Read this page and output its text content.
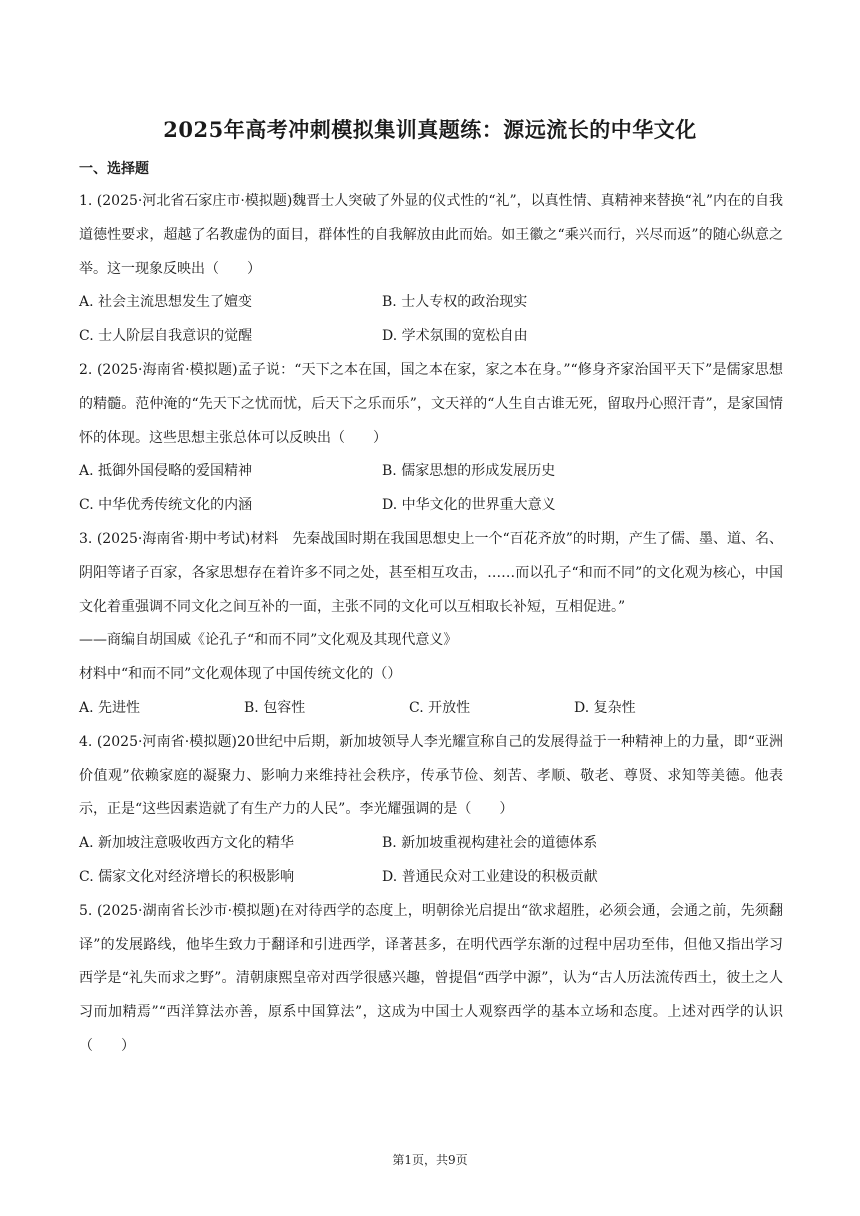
2025年高考冲刺模拟集训真题练：源远流长的中华文化
一、选择题

1. (2025·河北省石家庄市·模拟题)魏晋士人突破了外显的仪式性的“礼”，以真性情、真精神来替换“礼”内在的自我道德性要求，超越了名教虚伪的面目，群体性的自我解放由此而始。如王徽之“乘兴而行，兴尽而返”的随心纵意之举。这一现象反映出（　　）

A. 社会主流思想发生了嬗变	B. 士人专权的政治现实
C. 士人阶层自我意识的觉醒	D. 学术氛围的宽松自由

2. (2025·海南省·模拟题)孟子说：“天下之本在国，国之本在家，家之本在身。”“修身齐家治国平天下”是儒家思想的精髓。范仲淹的“先天下之忧而忧，后天下之乐而乐”，文天祥的“人生自古谁无死，留取丹心照汗青”，是家国情怀的体现。这些思想主张总体可以反映出（　　）

A. 抵御外国侵略的爱国精神	B. 儒家思想的形成发展历史
C. 中华优秀传统文化的内涵	D. 中华文化的世界重大意义

3. (2025·海南省·期中考试)材料　先秦战国时期在我国思想史上一个“百花齐放”的时期，产生了儒、墨、道、名、阴阳等诸子百家，各家思想存在着许多不同之处，甚至相互攻击，……而以孔子“和而不同”的文化观为核心，中国文化着重强调不同文化之间互补的一面，主张不同的文化可以互相取长补短，互相促进。”

——商编自胡国威《论孔子“和而不同”文化观及其现代意义》

材料中“和而不同”文化观体现了中国传统文化的（）

A. 先进性	B. 包容性	C. 开放性	D. 复杂性

4. (2025·河南省·模拟题)20世纪中后期，新加坡领导人李光耀宣称自己的发展得益于一种精神上的力量，即“亚洲价值观”依赖家庭的凝聚力、影响力来维持社会秩序，传承节俭、刻苦、孝顺、敬老、尊贤、求知等美德。他表示，正是“这些因素造就了有生产力的人民”。李光耀强调的是（　　）

A. 新加坡注意吸收西方文化的精华	B. 新加坡重视构建社会的道德体系
C. 儒家文化对经济增长的积极影响	D. 普通民众对工业建设的积极贡献

5. (2025·湖南省长沙市·模拟题)在对待西学的态度上，明朝徐光启提出“欲求超胜，必须会通，会通之前，先须翻译”的发展路线，他毕生致力于翻译和引进西学，译著甚多，在明代西学东渐的过程中居功至伟，但他又指出学习西学是“礼失而求之野”。清朝康熙皇帝对西学很感兴趣，曾提倡“西学中源”，认为“古人历法流传西土，彼土之人习而加精焉”“西洋算法亦善，原系中国算法”，这成为中国士人观察西学的基本立场和态度。上述对西学的认识（　　）

第1页，共9页
